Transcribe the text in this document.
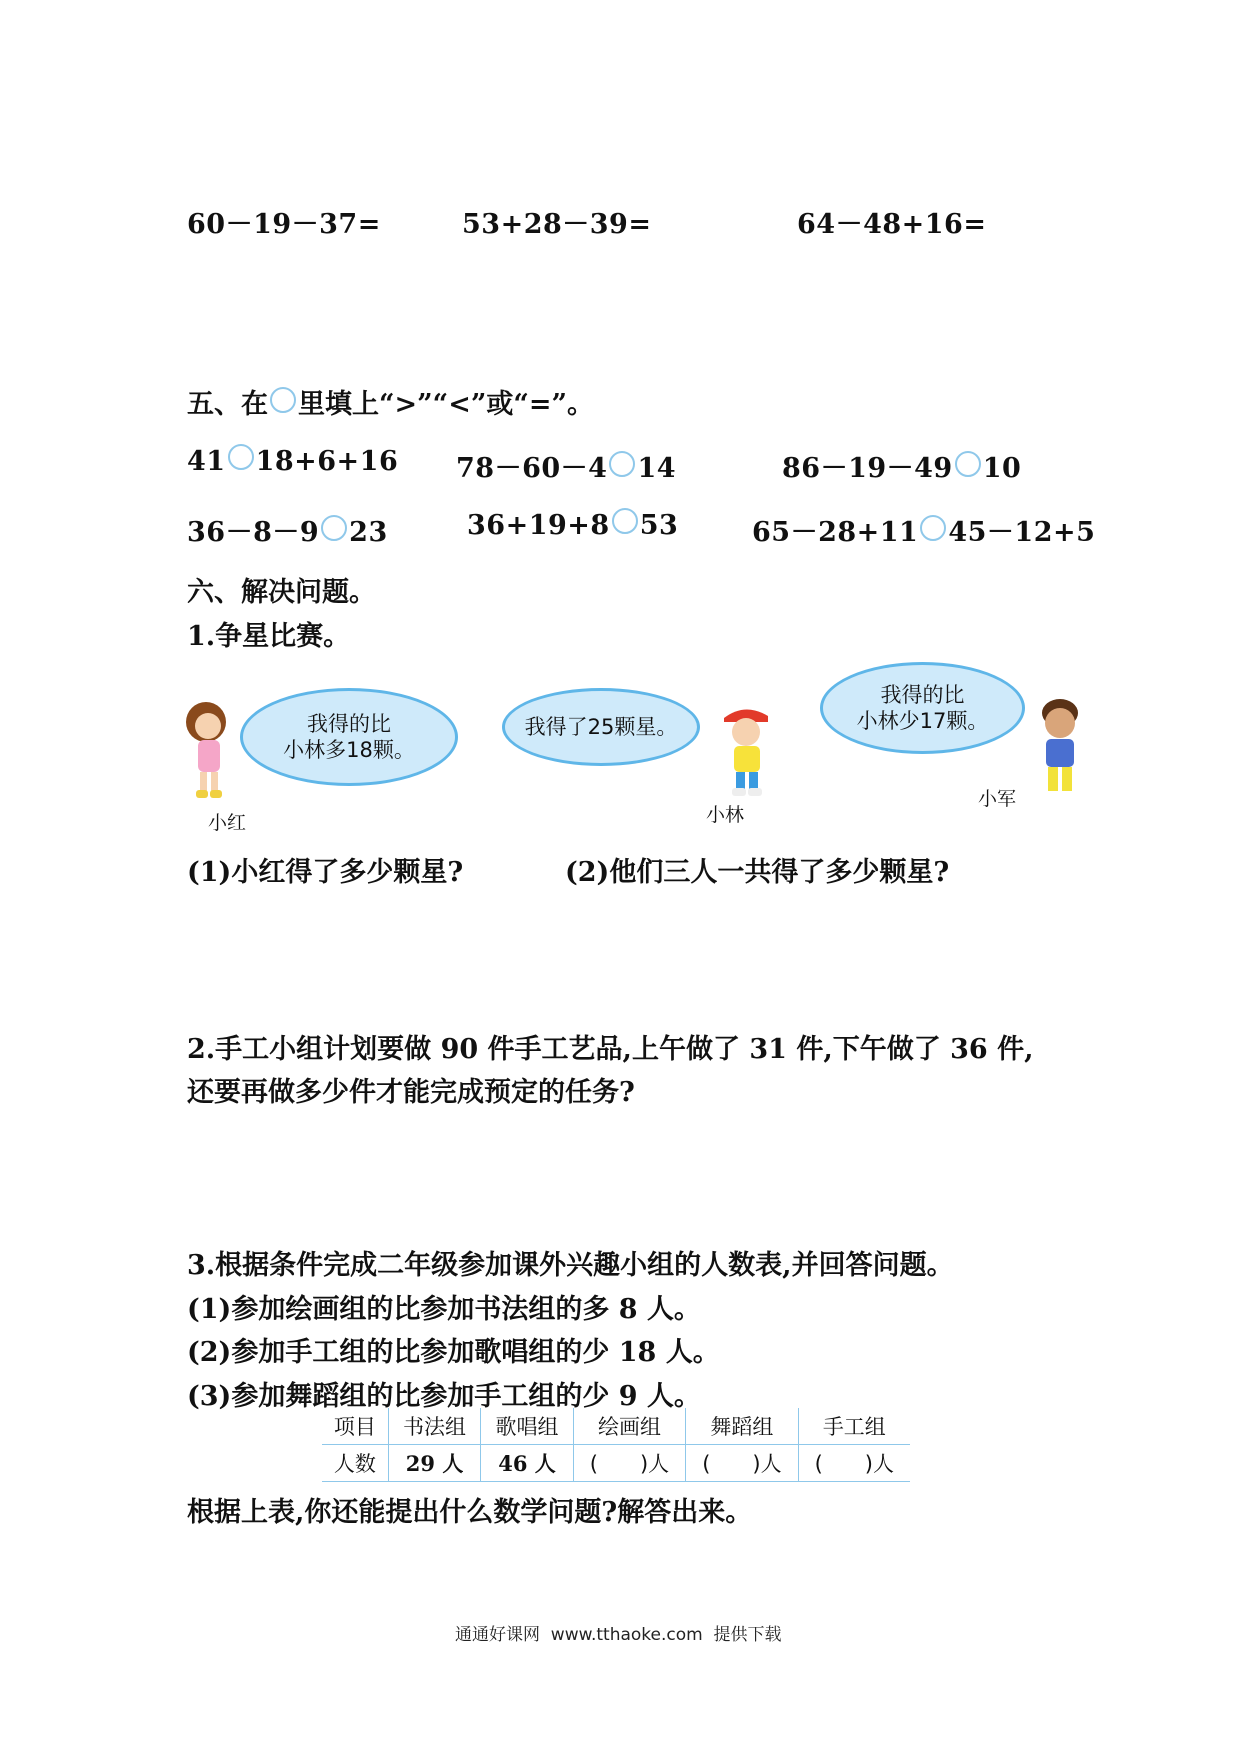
60－19－37=	53+28－39=	64－48+16=
五、在 里填上“>”“<”或“=”。
41 18+6+16 78－60－4 14	86－19－49 10
36－8－9 23	36+19+8 53	65－28+11 45－12+5
六、解决问题。
1.争星比赛。
我得的比
小林多18颗。
小红
我得了25颗星。
小林
我得的比
小林少17颗。
小军
(1)小红得了多少颗星?	(2)他们三人一共得了多少颗星?
2.手工小组计划要做 90 件手工艺品,上午做了 31 件,下午做了 36 件,
还要再做多少件才能完成预定的任务?
3.根据条件完成二年级参加课外兴趣小组的人数表,并回答问题。
(1)参加绘画组的比参加书法组的多 8 人。
(2)参加手工组的比参加歌唱组的少 18 人。
(3)参加舞蹈组的比参加手工组的少 9 人。
项目	书法组	歌唱组	绘画组	舞蹈组	手工组
人数	29 人	46 人	(　　)人	(　　)人	(　　)人
根据上表,你还能提出什么数学问题?解答出来。
通通好课网  www.tthaoke.com  提供下载
